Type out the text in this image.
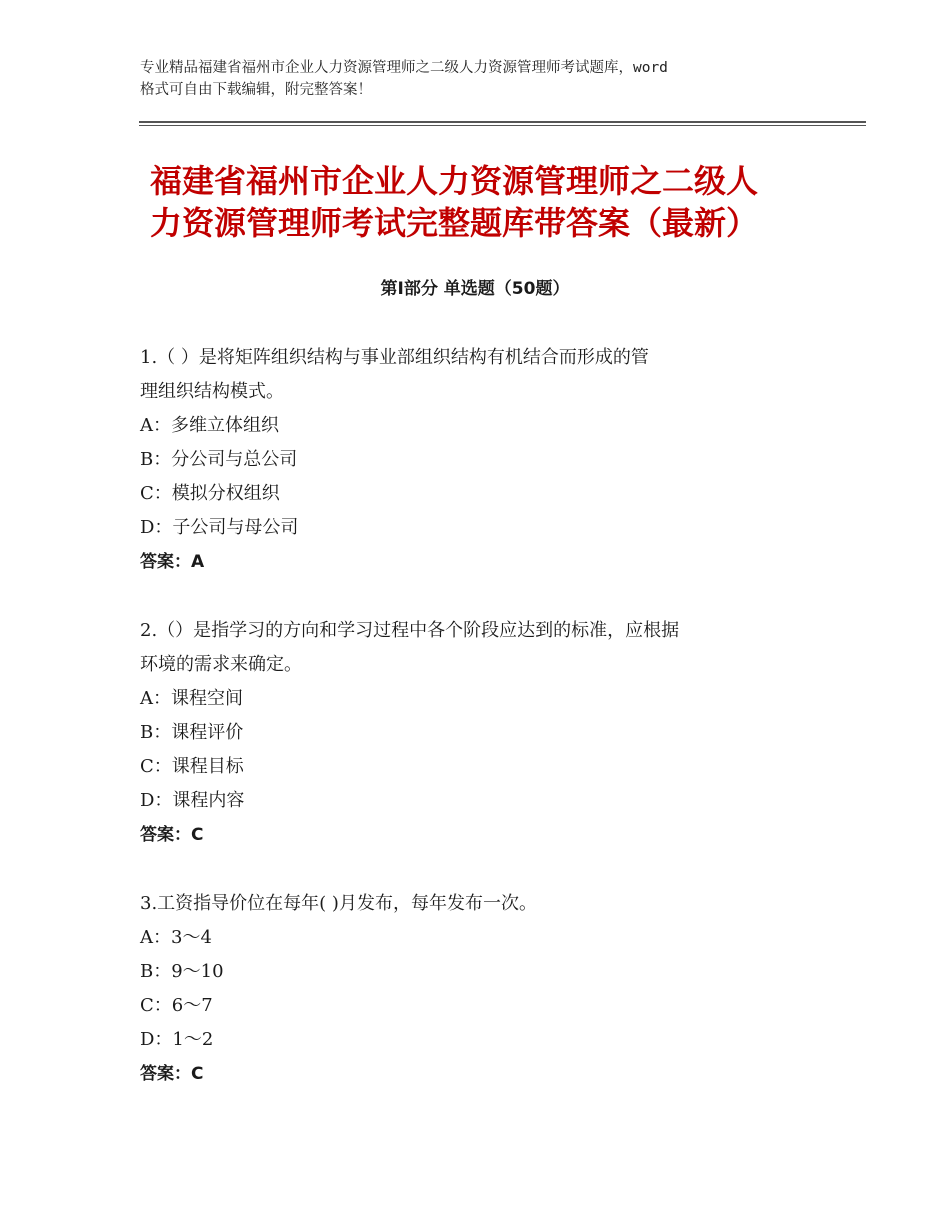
专业精品福建省福州市企业人力资源管理师之二级人力资源管理师考试题库，word
格式可自由下载编辑，附完整答案！
福建省福州市企业人力资源管理师之二级人
力资源管理师考试完整题库带答案（最新）
第Ⅰ部分 单选题（50题）
1.（ ）是将矩阵组织结构与事业部组织结构有机结合而形成的管
理组织结构模式。
A：多维立体组织
B：分公司与总公司
C：模拟分权组织
D：子公司与母公司
答案：A
2.（）是指学习的方向和学习过程中各个阶段应达到的标准，应根据
环境的需求来确定。
A：课程空间
B：课程评价
C：课程目标
D：课程内容
答案：C
3.工资指导价位在每年( )月发布，每年发布一次。
A：3～4
B：9～10
C：6～7
D：1～2
答案：C
